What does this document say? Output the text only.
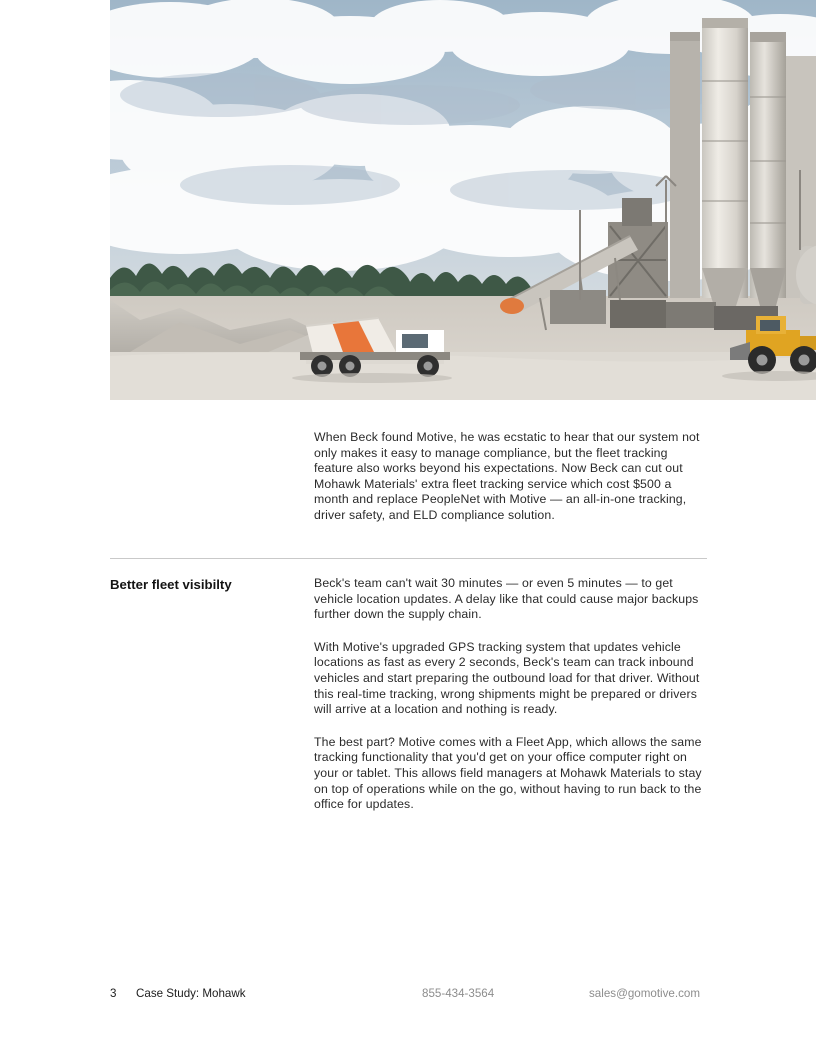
When Beck found Motive, he was ecstatic to hear that our system not only makes it easy to manage compliance, but the fleet tracking feature also works beyond his expectations. Now Beck can cut out Mohawk Materials' extra fleet tracking service which cost $500 a month and replace PeopleNet with Motive — an all-in-one tracking, driver safety, and ELD compliance solution.
Better fleet visibilty	Beck's team can't wait 30 minutes — or even 5 minutes — to get vehicle location updates. A delay like that could cause major backups further down the supply chain.

With Motive's upgraded GPS tracking system that updates vehicle locations as fast as every 2 seconds, Beck's team can track inbound vehicles and start preparing the outbound load for that driver. Without this real-time tracking, wrong shipments might be prepared or drivers will arrive at a location and nothing is ready.

The best part? Motive comes with a Fleet App, which allows the same tracking functionality that you'd get on your office computer right on your or tablet. This allows field managers at Mohawk Materials to stay on top of operations while on the go, without having to run back to the office for updates.

3 Case Study: Mohawk	855-434-3564	sales@gomotive.com
